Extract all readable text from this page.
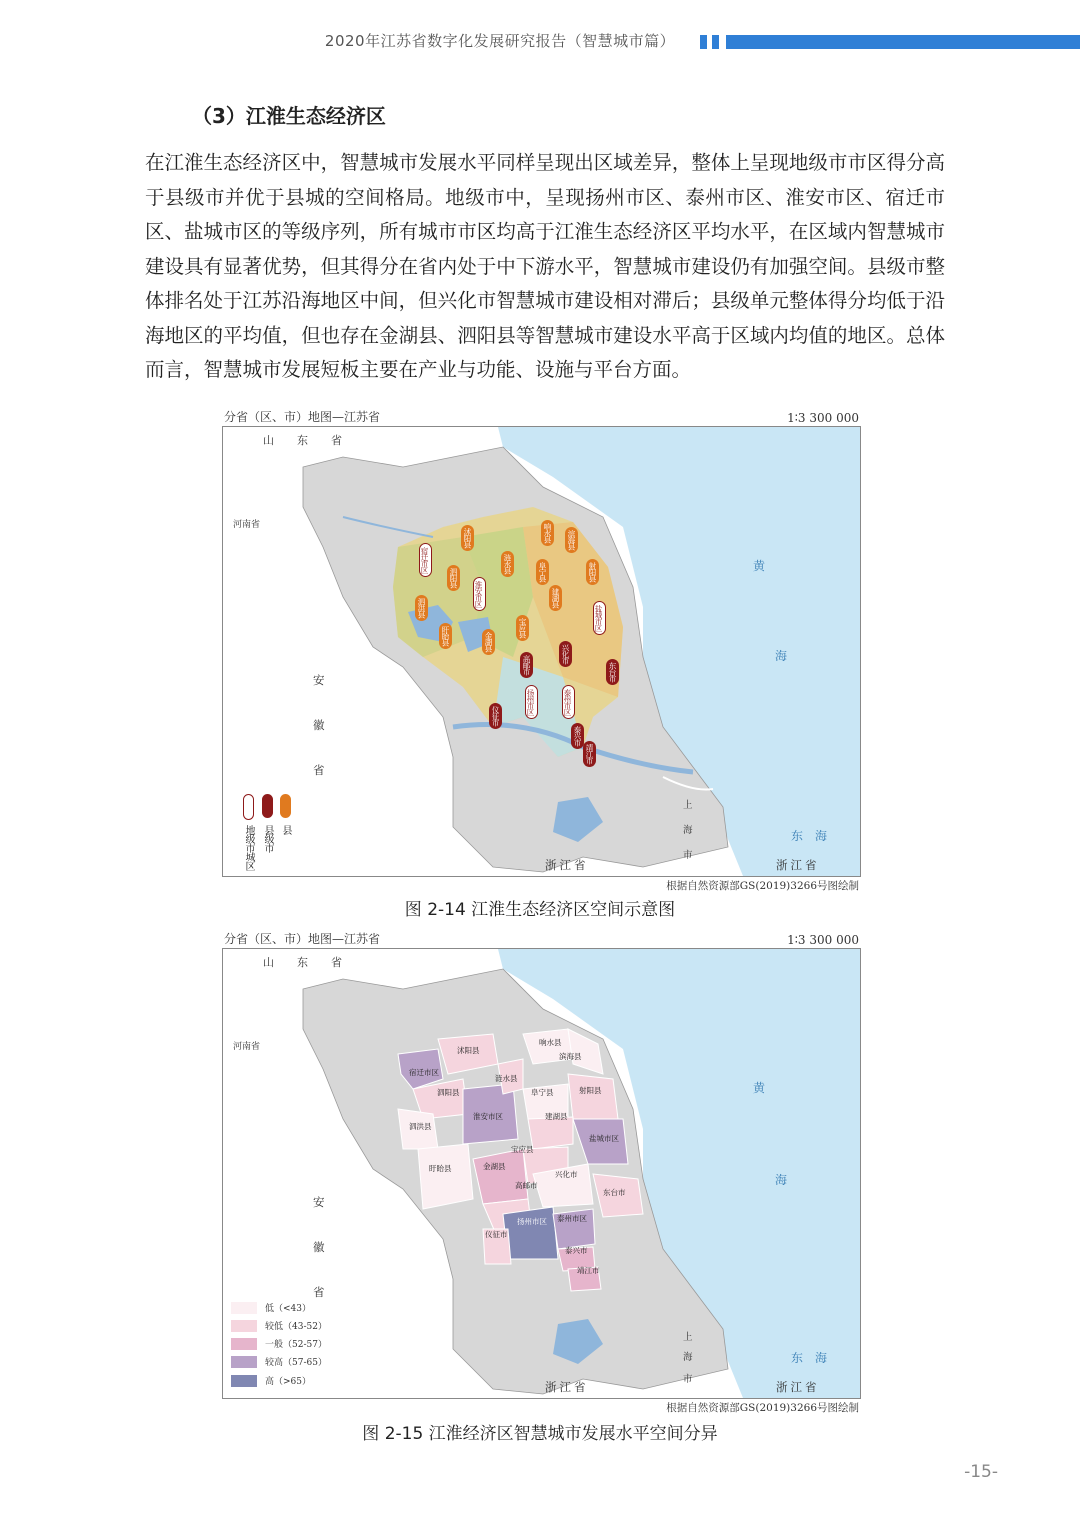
2020年江苏省数字化发展研究报告（智慧城市篇）
（3）江淮生态经济区

在江淮生态经济区中，智慧城市发展水平同样呈现出区域差异，整体上呈现地级市市区得分高于县级市并优于县城的空间格局。地级市中，呈现扬州市区、泰州市区、淮安市区、宿迁市区、盐城市区的等级序列，所有城市市区均高于江淮生态经济区平均水平，在区域内智慧城市建设具有显著优势，但其得分在省内处于中下游水平，智慧城市建设仍有加强空间。县级市整体排名处于江苏沿海地区中间，但兴化市智慧城市建设相对滞后；县级单元整体得分均低于沿海地区的平均值，但也存在金湖县、泗阳县等智慧城市建设水平高于区域内均值的地区。总体而言，智慧城市发展短板主要在产业与功能、设施与平台方面。

分省（区、市）地图—江苏省	1∶3 300 000
山　东　省
河南省
安
徽
省
浙江省	浙江省
上
海
市
黄
海
东　海
宿迁市区
沭阳县
泗阳县
泗洪县
淮安市区
涟水县
盱眙县	金湖县
响水县 滨海县
阜宁县	射阳县
建湖县
盐城市区
宝应县
高邮市
兴化市
东台市
扬州市区
仪征市
泰州市区
泰兴市
靖江市
地级市城区 县级市 县
根据自然资源部GS(2019)3266号图绘制
图 2-14 江淮生态经济区空间示意图
分省（区、市）地图—江苏省	1∶3 300 000
山　东　省
河南省
安
徽
省
浙江省	浙江省
上
海
市
黄
海
东　海
宿迁市区
沭阳县
泗阳县
泗洪县
淮安市区
涟水县
盱眙县	金湖县
响水县
滨海县
阜宁县	射阳县
建湖县
盐城市区
宝应县
高邮市
兴化市
东台市
扬州市区
仪征市
泰州市区
泰兴市
靖江市
低（<43）
较低（43-52）
一般（52-57）
较高（57-65）
高（>65）
根据自然资源部GS(2019)3266号图绘制
图 2-15 江淮经济区智慧城市发展水平空间分异
-15-
